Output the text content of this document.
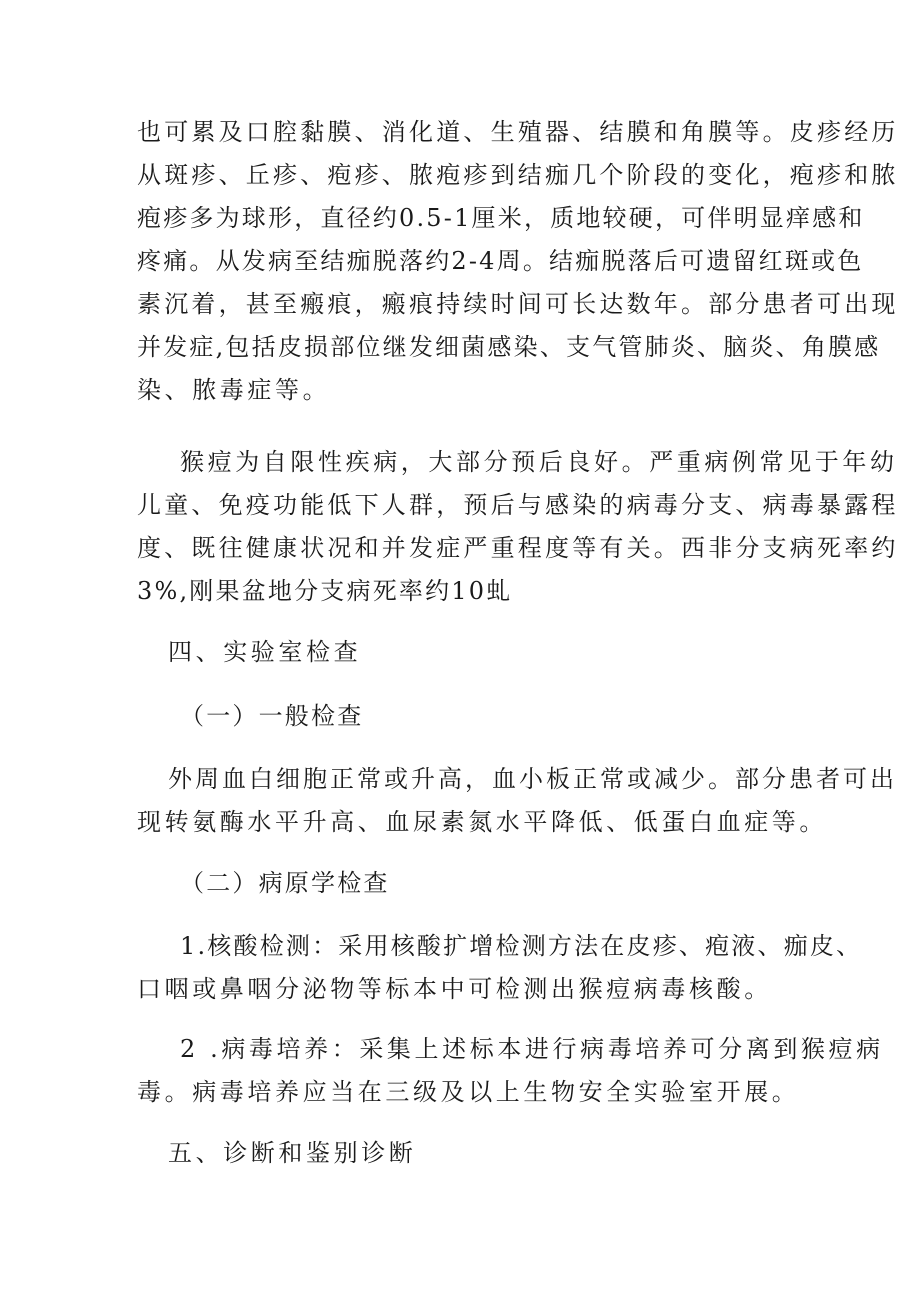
也可累及口腔黏膜、消化道、生殖器、结膜和角膜等。皮疹经历
从斑疹、丘疹、疱疹、脓疱疹到结痂几个阶段的变化，疱疹和脓
疱疹多为球形，直径约0.5-1厘米，质地较硬，可伴明显痒感和
疼痛。从发病至结痂脱落约2-4周。结痂脱落后可遗留红斑或色
素沉着，甚至瘢痕，瘢痕持续时间可长达数年。部分患者可出现
并发症,包括皮损部位继发细菌感染、支气管肺炎、脑炎、角膜感
染、脓毒症等。
猴痘为自限性疾病，大部分预后良好。严重病例常见于年幼
儿童、免疫功能低下人群，预后与感染的病毒分支、病毒暴露程
度、既往健康状况和并发症严重程度等有关。西非分支病死率约
3%,刚果盆地分支病死率约10虬
四、实验室检查
（一）一般检查
外周血白细胞正常或升高，血小板正常或减少。部分患者可出
现转氨酶水平升高、血尿素氮水平降低、低蛋白血症等。
（二）病原学检查
1.核酸检测：采用核酸扩增检测方法在皮疹、疱液、痂皮、
口咽或鼻咽分泌物等标本中可检测出猴痘病毒核酸。
2 .病毒培养：采集上述标本进行病毒培养可分离到猴痘病
毒。病毒培养应当在三级及以上生物安全实验室开展。
五、诊断和鉴别诊断
